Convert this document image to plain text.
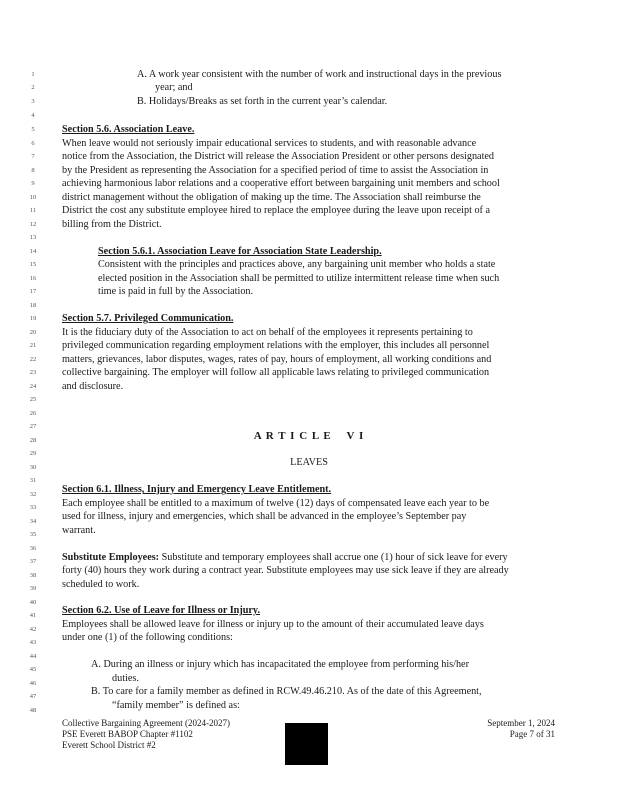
1
2
3
4
5
6
7
8
9
10
11
12
13
14
15
16
17
18
19
20
21
22
23
24
25
26
27
28
29
30
31
32
33
34
35
36
37
38
39
40
41
42
43
44
45
46
47
48
A. A work year consistent with the number of work and instructional days in the previous
year; and
B. Holidays/Breaks as set forth in the current year’s calendar.
Section 5.6. Association Leave.
When leave would not seriously impair educational services to students, and with reasonable advance
notice from the Association, the District will release the Association President or other persons designated
by the President as representing the Association for a specified period of time to assist the Association in
achieving harmonious labor relations and a cooperative effort between bargaining unit members and school
district management without the obligation of making up the time. The Association shall reimburse the
District the cost any substitute employee hired to replace the employee during the leave upon receipt of a
billing from the District.
Section 5.6.1. Association Leave for Association State Leadership.
Consistent with the principles and practices above, any bargaining unit member who holds a state
elected position in the Association shall be permitted to utilize intermittent release time when such
time is paid in full by the Association.
Section 5.7. Privileged Communication.
It is the fiduciary duty of the Association to act on behalf of the employees it represents pertaining to
privileged communication regarding employment relations with the employer, this includes all personnel
matters, grievances, labor disputes, wages, rates of pay, hours of employment, all working conditions and
collective bargaining. The employer will follow all applicable laws relating to privileged communication
and disclosure.
A R T I C L E    V I
LEAVES
Section 6.1. Illness, Injury and Emergency Leave Entitlement.
Each employee shall be entitled to a maximum of twelve (12) days of compensated leave each year to be
used for illness, injury and emergencies, which shall be advanced in the employee’s September pay
warrant.
Substitute Employees: Substitute and temporary employees shall accrue one (1) hour of sick leave for every
forty (40) hours they work during a contract year. Substitute employees may use sick leave if they are already
scheduled to work.
Section 6.2. Use of Leave for Illness or Injury.
Employees shall be allowed leave for illness or injury up to the amount of their accumulated leave days
under one (1) of the following conditions:
A. During an illness or injury which has incapacitated the employee from performing his/her
duties.
B. To care for a family member as defined in RCW.49.46.210. As of the date of this Agreement,
“family member” is defined as:
Collective Bargaining Agreement (2024-2027)
PSE Everett BABOP Chapter #1102
Everett School District #2
September 1, 2024
Page 7 of 31
